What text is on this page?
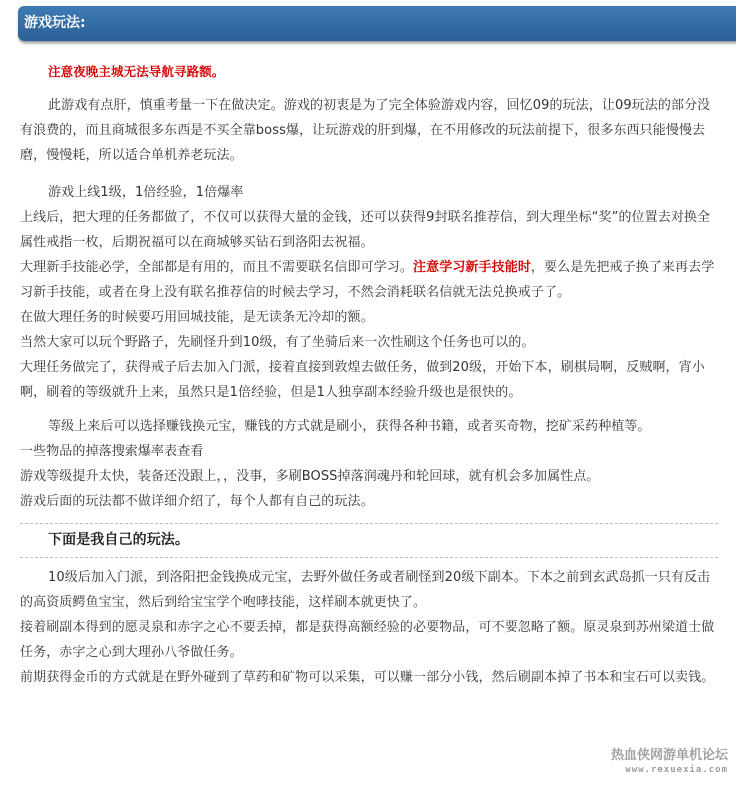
游戏玩法:

注意夜晚主城无法导航寻路额。

此游戏有点肝，慎重考量一下在做决定。游戏的初衷是为了完全体验游戏内容，回忆09的玩法，让09玩法的部分没有浪费的，而且商城很多东西是不买全靠boss爆，让玩游戏的肝到爆，在不用修改的玩法前提下，很多东西只能慢慢去磨，慢慢耗，所以适合单机养老玩法。

游戏上线1级，1倍经验，1倍爆率

上线后，把大理的任务都做了，不仅可以获得大量的金钱，还可以获得9封联名推荐信，到大理坐标“奖”的位置去对换全属性戒指一枚，后期祝福可以在商城够买钻石到洛阳去祝福。

大理新手技能必学，全部都是有用的，而且不需要联名信即可学习。注意学习新手技能时，要么是先把戒子换了来再去学习新手技能，或者在身上没有联名推荐信的时候去学习，不然会消耗联名信就无法兑换戒子了。

在做大理任务的时候要巧用回城技能，是无读条无冷却的额。

当然大家可以玩个野路子，先刷怪升到10级，有了坐骑后来一次性刷这个任务也可以的。

大理任务做完了，获得戒子后去加入门派，接着直接到敦煌去做任务，做到20级，开始下本，刷棋局啊，反贼啊，宵小啊，刷着的等级就升上来，虽然只是1倍经验，但是1人独享副本经验升级也是很快的。

等级上来后可以选择赚钱换元宝，赚钱的方式就是刷小，获得各种书籍，或者买奇物，挖矿采药种植等。

一些物品的掉落搜索爆率表查看

游戏等级提升太快，装备还没跟上，，没事，多刷BOSS掉落润魂丹和轮回球，就有机会多加属性点。

游戏后面的玩法都不做详细介绍了，每个人都有自己的玩法。

下面是我自己的玩法。

10级后加入门派，到洛阳把金钱换成元宝，去野外做任务或者刷怪到20级下副本。下本之前到玄武岛抓一只有反击的高资质鳄鱼宝宝，然后到给宝宝学个咆哮技能，这样刷本就更快了。

接着刷副本得到的愿灵泉和赤字之心不要丢掉，都是获得高额经验的必要物品，可不要忽略了额。原灵泉到苏州梁道士做任务，赤字之心到大理孙八爷做任务。

前期获得金币的方式就是在野外碰到了草药和矿物可以采集，可以赚一部分小钱，然后刷副本掉了书本和宝石可以卖钱。

热血侠网游单机论坛
www.rexuexia.com
